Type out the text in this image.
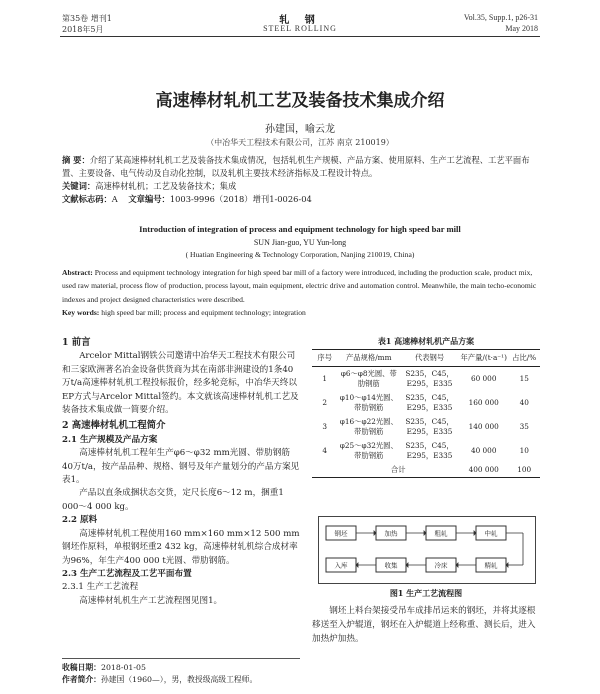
第35卷 增刊1
2018年5月
轧 钢
STEEL ROLLING
Vol.35, Supp.1, p26-31
May 2018
高速棒材轧机工艺及装备技术集成介绍
孙建国，喻云龙
（中冶华天工程技术有限公司，江苏 南京 210019）
摘 要：介绍了某高速棒材轧机工艺及装备技术集成情况，包括轧机生产规模、产品方案、使用原料、生产工艺流程、工艺平面布置、主要设备、电气传动及自动化控制，以及轧机主要技术经济指标及工程设计特点。
关键词：高速棒材轧机；工艺及装备技术；集成
文献标志码：A 文章编号：1003-9996（2018）增刊1-0026-04
Introduction of integration of process and equipment technology for high speed bar mill
SUN Jian-guo, YU Yun-long
( Huatian Engineering & Technology Corporation, Nanjing 210019, China)
Abstract: Process and equipment technology integration for high speed bar mill of a factory were introduced, including the production scale, product mix, used raw material, process flow of production, process layout, main equipment, electric drive and automation control. Meanwhile, the main techo-economic indexes and project designed characteristics were described.
Key words: high speed bar mill; process and equipment technology; integration

1 前言

Arcelor Mittal钢铁公司邀请中冶华天工程技术有限公司和三家欧洲著名冶金设备供货商为其在南部非洲建设的1条40万t/a高速棒材轧机工程投标报价，经多轮竞标，中冶华天终以EP方式与Arcelor Mittal签约。本文就该高速棒材轧机工艺及装备技术集成做一简要介绍。

2 高速棒材轧机工程简介

2.1 生产规模及产品方案

高速棒材轧机工程年生产φ6～φ32 mm光圆、带肋钢筋40万t/a，按产品品种、规格、钢号及年产量划分的产品方案见表1。

产品以直条成捆状态交货，定尺长度6～12 m，捆重1 000～4 000 kg。

2.2 原料

高速棒材轧机工程使用160 mm×160 mm×12 500 mm钢坯作原料，单根钢坯重2 432 kg，高速棒材轧机综合成材率为96%，年生产400 000 t光圆、带肋钢筋。

2.3 生产工艺流程及工艺平面布置

2.3.1 生产工艺流程

高速棒材轧机生产工艺流程图见图1。

收稿日期：2018-01-05
作者简介：孙建国（1960—），男，教授级高级工程师。
表1 高速棒材轧机产品方案
序号	产品规格/mm	代表钢号	年产量/(t·a⁻¹)	占比/%
1	φ6～φ8光圆、带肋钢筋	S235，C45，E295，E335	60 000	15
2	φ10～φ14光圆、带肋钢筋	S235，C45，E295，E335	160 000	40
3	φ16～φ22光圆、带肋钢筋	S235，C45，E295，E335	140 000	35
4	φ25～φ32光圆、带肋钢筋	S235，C45，E295，E335	40 000	10
	合计		400 000	100
钢坯	加热	粗轧	中轧
精轧
冷床
收集
入库
图1 生产工艺流程图
钢坯上料台架接受吊车成排吊运来的钢坯，并将其逐根移送至入炉辊道，钢坯在入炉辊道上经称重、测长后，进入加热炉加热。
